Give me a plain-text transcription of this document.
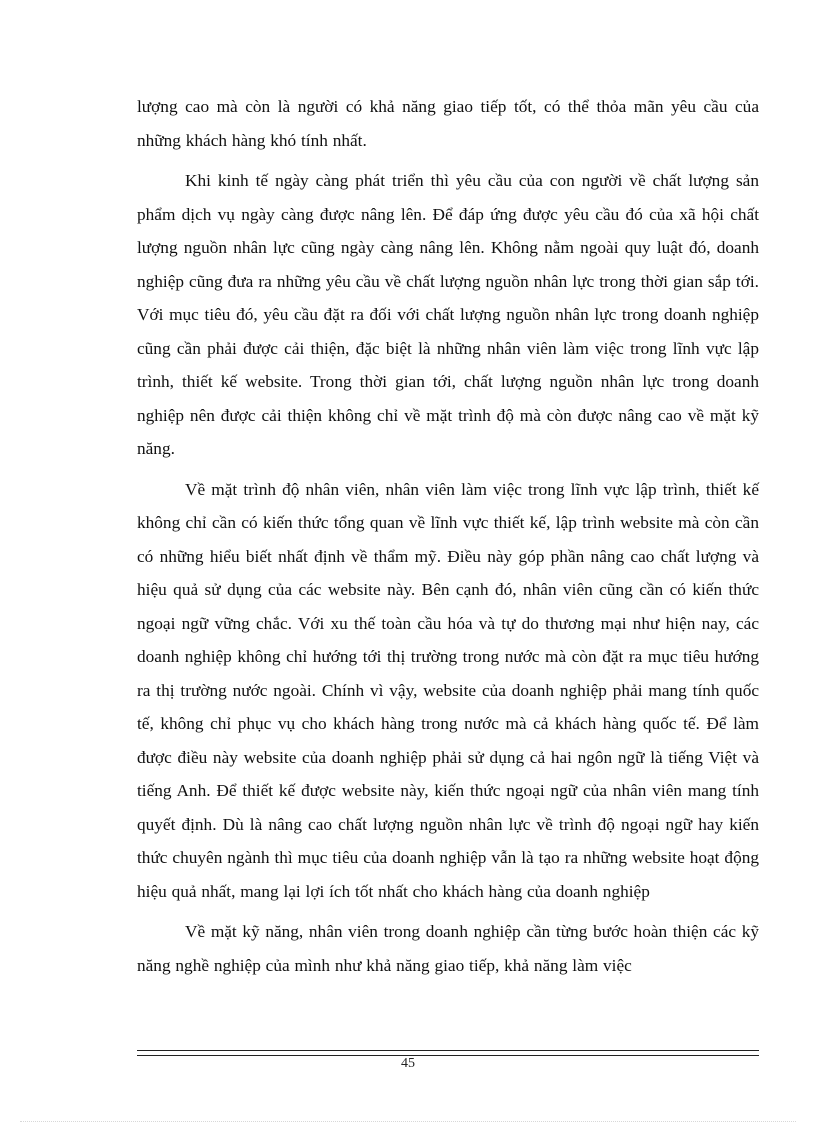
lượng cao mà còn là người có khả năng giao tiếp tốt, có thể thỏa mãn yêu cầu của những khách hàng khó tính nhất.

Khi kinh tế ngày càng phát triển thì yêu cầu của con người về chất lượng sản phẩm dịch vụ ngày càng được nâng lên. Để đáp ứng được yêu cầu đó của xã hội chất lượng nguồn nhân lực cũng ngày càng nâng lên. Không nằm ngoài quy luật đó, doanh nghiệp cũng đưa ra những yêu cầu về chất lượng nguồn nhân lực trong thời gian sắp tới. Với mục tiêu đó, yêu cầu đặt ra đối với chất lượng nguồn nhân lực trong doanh nghiệp cũng cần phải được cải thiện, đặc biệt là những nhân viên làm việc trong lĩnh vực lập trình, thiết kế website. Trong thời gian tới, chất lượng nguồn nhân lực trong doanh nghiệp nên được cải thiện không chỉ về mặt trình độ mà còn được nâng cao về mặt kỹ năng.

Về mặt trình độ nhân viên, nhân viên làm việc trong lĩnh vực lập trình, thiết kế không chỉ cần có kiến thức tổng quan về lĩnh vực thiết kế, lập trình website mà còn cần có những hiểu biết nhất định về thẩm mỹ. Điều này góp phần nâng cao chất lượng và hiệu quả sử dụng của các website này. Bên cạnh đó, nhân viên cũng cần có kiến thức ngoại ngữ vững chắc. Với xu thế toàn cầu hóa và tự do thương mại như hiện nay, các doanh nghiệp không chỉ hướng tới thị trường trong nước mà còn đặt ra mục tiêu hướng ra thị trường nước ngoài. Chính vì vậy, website của doanh nghiệp phải mang tính quốc tế, không chỉ phục vụ cho khách hàng trong nước mà cả khách hàng quốc tế. Để làm được điều này website của doanh nghiệp phải sử dụng cả hai ngôn ngữ là tiếng Việt và tiếng Anh. Để thiết kế được website này, kiến thức ngoại ngữ của nhân viên mang tính quyết định. Dù là nâng cao chất lượng nguồn nhân lực về trình độ ngoại ngữ hay kiến thức chuyên ngành thì mục tiêu của doanh nghiệp vẫn là tạo ra những website hoạt động hiệu quả nhất, mang lại lợi ích tốt nhất cho khách hàng của doanh nghiệp

Về mặt kỹ năng, nhân viên trong doanh nghiệp cần từng bước hoàn thiện các kỹ năng nghề nghiệp của mình như khả năng giao tiếp, khả năng làm việc

45
